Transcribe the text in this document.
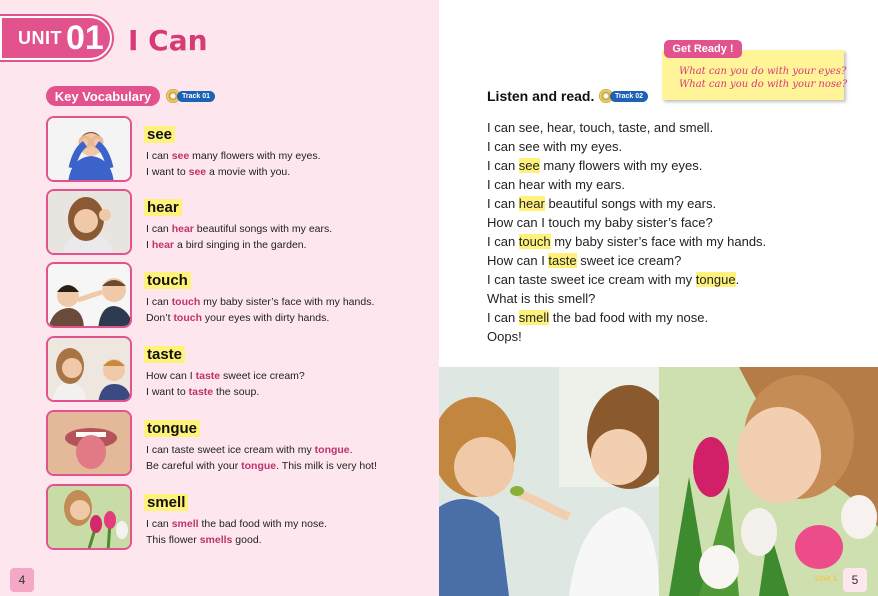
UNIT 01 I Can
Key Vocabulary	Track 01
see
I can see many flowers with my eyes.
I want to see a movie with you.
hear
I can hear beautiful songs with my ears.
I hear a bird singing in the garden.
touch
I can touch my baby sister’s face with my hands.
Don’t touch your eyes with dirty hands.
taste
How can I taste sweet ice cream?
I want to taste the soup.
tongue
I can taste sweet ice cream with my tongue.
Be careful with your tongue. This milk is very hot!
smell
I can smell the bad food with my nose.
This flower smells good.
4
Get Ready !
What can you do with your eyes?
What can you do with your nose?
Listen and read.	Track 02
I can see, hear, touch, taste, and smell.
I can see with my eyes.
I can see many flowers with my eyes.
I can hear with my ears.
I can hear beautiful songs with my ears.
How can I touch my baby sister’s face?
I can touch my baby sister’s face with my hands.
How can I taste sweet ice cream?
I can taste sweet ice cream with my tongue.
What is this smell?
I can smell the bad food with my nose.
Oops!
Unit 1	5
